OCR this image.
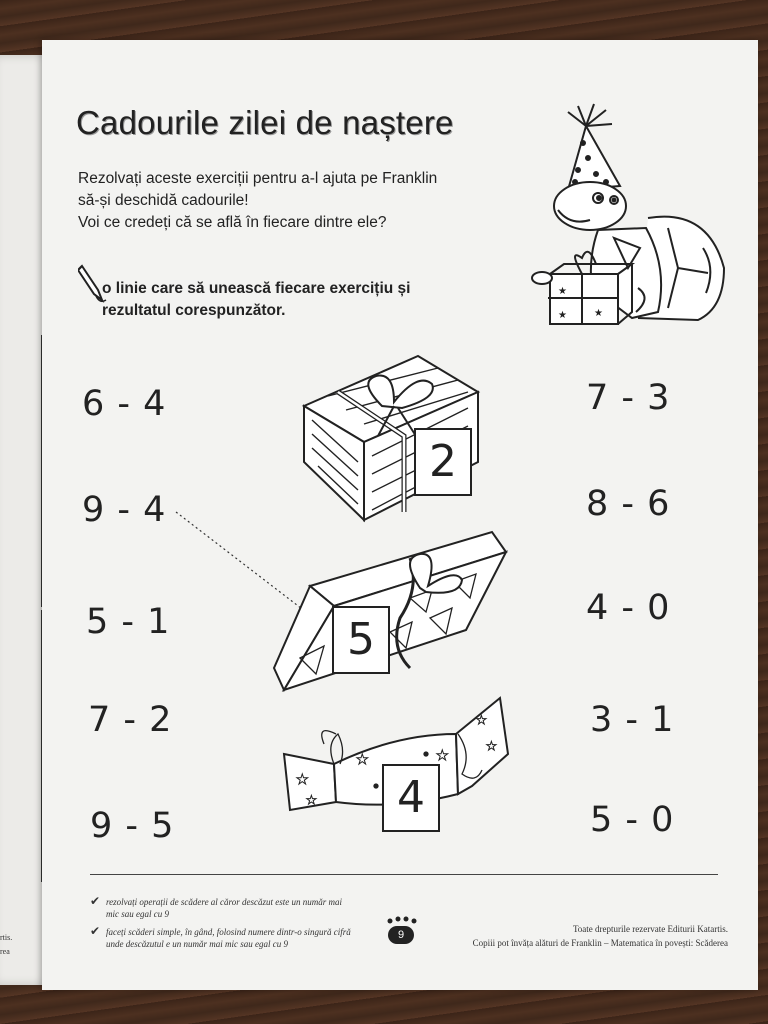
rtis.
rea
Cadourile zilei de naștere
Rezolvați aceste exerciții pentru a-l ajuta pe Franklin
să-și deschidă cadourile!
Voi ce credeți că se află în fiecare dintre ele?
★
★
★
o linie care să unească fiecare exercițiu și
rezultatul corespunzător.
6 - 4
9 - 4
5 - 1
7 - 2
9 - 5
7 - 3
8 - 6
4 - 0
3 - 1
5 - 0
2
5
★
★
★	★
★
★
4
✔ rezolvați operații de scădere al căror descăzut este un număr mai mic sau egal cu 9
✔ faceți scăderi simple, în gând, folosind numere dintr-o singură cifră unde descăzutul e un număr mai mic sau egal cu 9
9	Toate drepturile rezervate Editurii Katartis.
Copiii pot învăța alături de Franklin – Matematica în povești: Scăderea
